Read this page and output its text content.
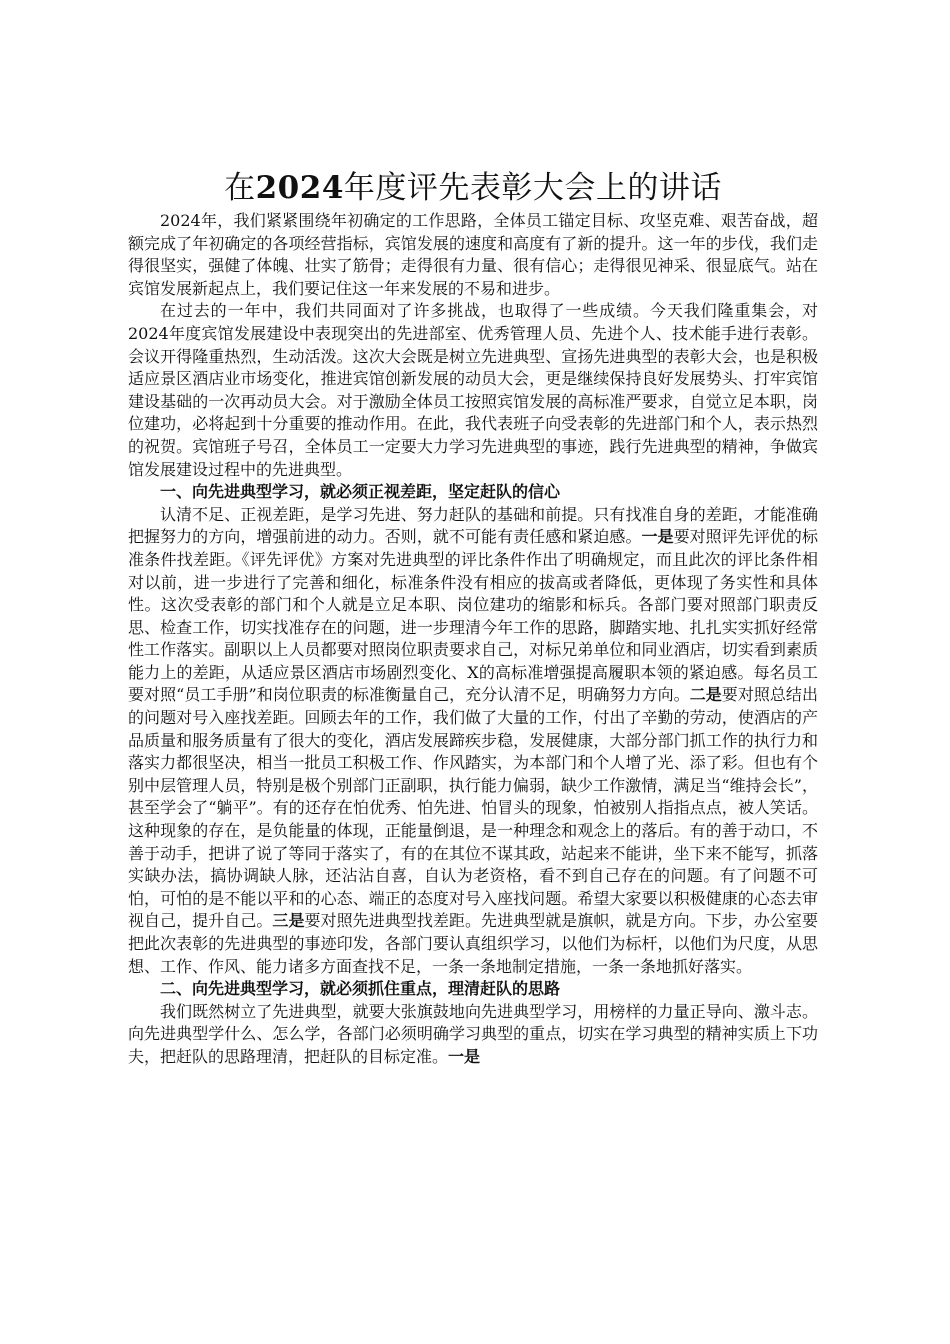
在2024年度评先表彰大会上的讲话

2024年，我们紧紧围绕年初确定的工作思路，全体员工锚定目标、攻坚克难、艰苦奋战，超额完成了年初确定的各项经营指标，宾馆发展的速度和高度有了新的提升。这一年的步伐，我们走得很坚实，强健了体魄、壮实了筋骨；走得很有力量、很有信心；走得很见神采、很显底气。站在宾馆发展新起点上，我们要记住这一年来发展的不易和进步。

在过去的一年中，我们共同面对了许多挑战，也取得了一些成绩。今天我们隆重集会，对2024年度宾馆发展建设中表现突出的先进部室、优秀管理人员、先进个人、技术能手进行表彰。会议开得隆重热烈，生动活泼。这次大会既是树立先进典型、宣扬先进典型的表彰大会，也是积极适应景区酒店业市场变化，推进宾馆创新发展的动员大会，更是继续保持良好发展势头、打牢宾馆建设基础的一次再动员大会。对于激励全体员工按照宾馆发展的高标准严要求，自觉立足本职，岗位建功，必将起到十分重要的推动作用。在此，我代表班子向受表彰的先进部门和个人，表示热烈的祝贺。宾馆班子号召，全体员工一定要大力学习先进典型的事迹，践行先进典型的精神，争做宾馆发展建设过程中的先进典型。

一、向先进典型学习，就必须正视差距，坚定赶队的信心

认清不足、正视差距，是学习先进、努力赶队的基础和前提。只有找准自身的差距，才能准确把握努力的方向，增强前进的动力。否则，就不可能有责任感和紧迫感。一是要对照评先评优的标准条件找差距。《评先评优》方案对先进典型的评比条件作出了明确规定，而且此次的评比条件相对以前，进一步进行了完善和细化，标准条件没有相应的拔高或者降低，更体现了务实性和具体性。这次受表彰的部门和个人就是立足本职、岗位建功的缩影和标兵。各部门要对照部门职责反思、检查工作，切实找准存在的问题，进一步理清今年工作的思路，脚踏实地、扎扎实实抓好经常性工作落实。副职以上人员都要对照岗位职责要求自己，对标兄弟单位和同业酒店，切实看到素质能力上的差距，从适应景区酒店市场剧烈变化、X的高标准增强提高履职本领的紧迫感。每名员工要对照“员工手册”和岗位职责的标准衡量自己，充分认清不足，明确努力方向。二是要对照总结出的问题对号入座找差距。回顾去年的工作，我们做了大量的工作，付出了辛勤的劳动，使酒店的产品质量和服务质量有了很大的变化，酒店发展蹄疾步稳，发展健康，大部分部门抓工作的执行力和落实力都很坚决，相当一批员工积极工作、作风踏实，为本部门和个人增了光、添了彩。但也有个别中层管理人员，特别是极个别部门正副职，执行能力偏弱，缺少工作激情，满足当“维持会长”，甚至学会了“躺平”。有的还存在怕优秀、怕先进、怕冒头的现象，怕被别人指指点点，被人笑话。这种现象的存在，是负能量的体现，正能量倒退，是一种理念和观念上的落后。有的善于动口，不善于动手，把讲了说了等同于落实了，有的在其位不谋其政，站起来不能讲，坐下来不能写，抓落实缺办法，搞协调缺人脉，还沾沾自喜，自认为老资格，看不到自己存在的问题。有了问题不可怕，可怕的是不能以平和的心态、端正的态度对号入座找问题。希望大家要以积极健康的心态去审视自己，提升自己。三是要对照先进典型找差距。先进典型就是旗帜，就是方向。下步，办公室要把此次表彰的先进典型的事迹印发，各部门要认真组织学习，以他们为标杆，以他们为尺度，从思想、工作、作风、能力诸多方面查找不足，一条一条地制定措施，一条一条地抓好落实。

二、向先进典型学习，就必须抓住重点，理清赶队的思路

我们既然树立了先进典型，就要大张旗鼓地向先进典型学习，用榜样的力量正导向、激斗志。向先进典型学什么、怎么学，各部门必须明确学习典型的重点，切实在学习典型的精神实质上下功夫，把赶队的思路理清，把赶队的目标定准。一是
